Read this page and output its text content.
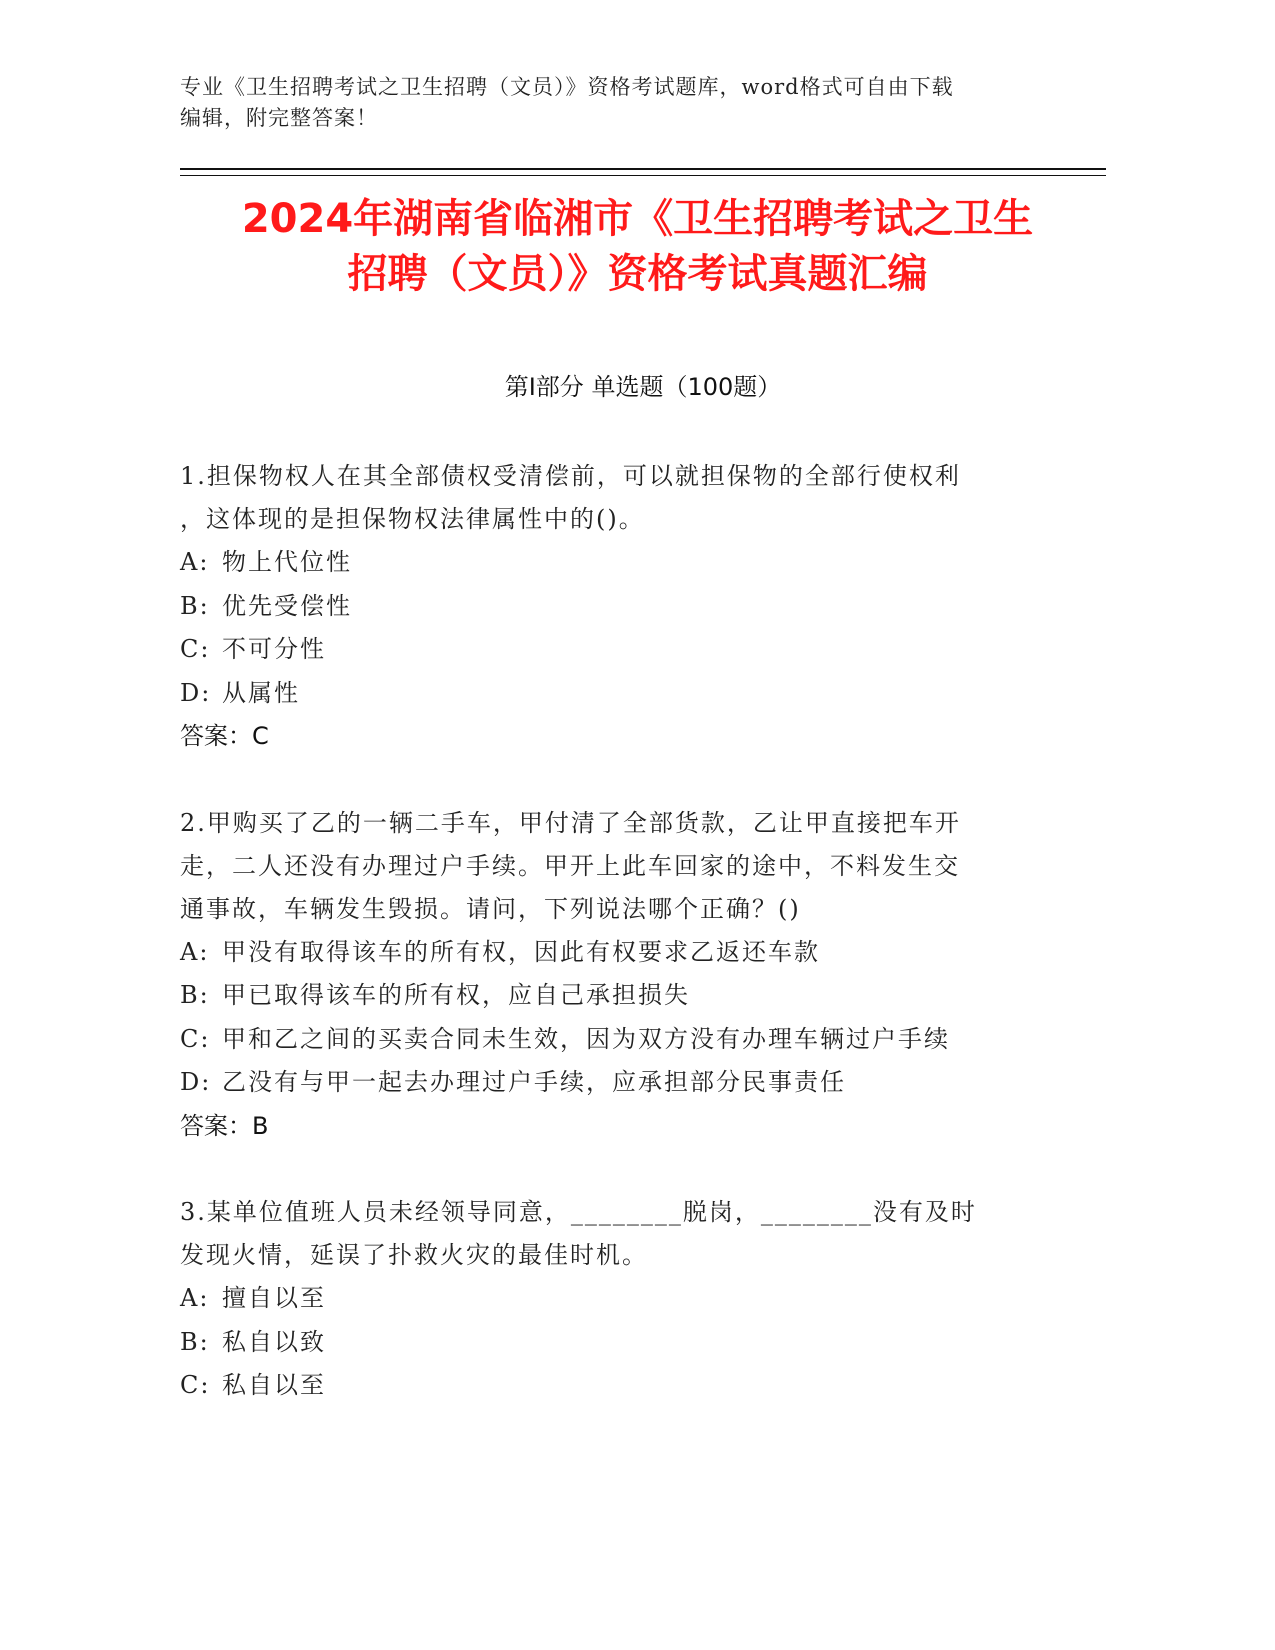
专业《卫生招聘考试之卫生招聘（文员）》资格考试题库，word格式可自由下载
编辑，附完整答案！
2024年湖南省临湘市《卫生招聘考试之卫生
招聘（文员）》资格考试真题汇编
第Ⅰ部分 单选题（100题）

1.担保物权人在其全部债权受清偿前，可以就担保物的全部行使权利

，这体现的是担保物权法律属性中的()。

A: 物上代位性

B: 优先受偿性

C: 不可分性

D: 从属性

答案：C

2.甲购买了乙的一辆二手车，甲付清了全部货款，乙让甲直接把车开

走，二人还没有办理过户手续。甲开上此车回家的途中，不料发生交

通事故，车辆发生毁损。请问，下列说法哪个正确？()

A: 甲没有取得该车的所有权，因此有权要求乙返还车款

B: 甲已取得该车的所有权，应自己承担损失

C: 甲和乙之间的买卖合同未生效，因为双方没有办理车辆过户手续

D: 乙没有与甲一起去办理过户手续，应承担部分民事责任

答案：B

3.某单位值班人员未经领导同意，________脱岗，________没有及时

发现火情，延误了扑救火灾的最佳时机。

A: 擅自以至

B: 私自以致

C: 私自以至
